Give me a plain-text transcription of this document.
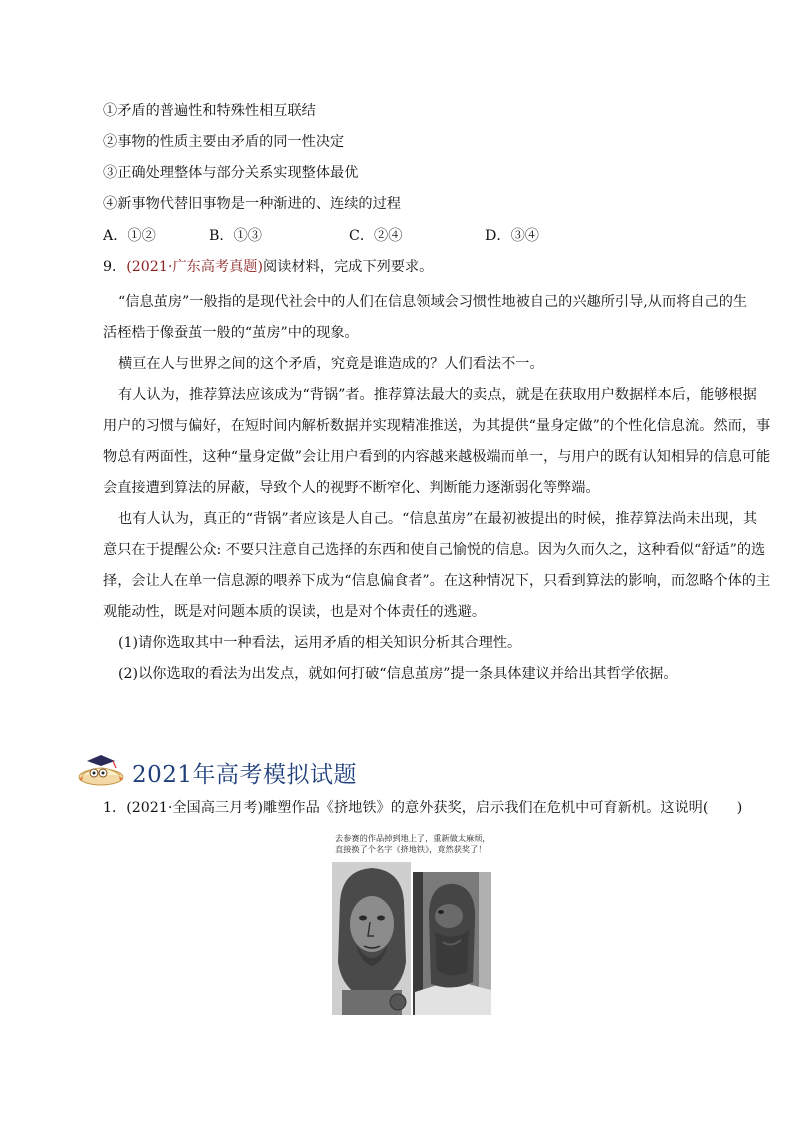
①矛盾的普遍性和特殊性相互联结
②事物的性质主要由矛盾的同一性决定
③正确处理整体与部分关系实现整体最优
④新事物代替旧事物是一种渐进的、连续的过程
A．①②	B．①③	C．②④	D．③④
9．(2021·广东高考真题)阅读材料，完成下列要求。
“信息茧房”一般指的是现代社会中的人们在信息领域会习惯性地被自己的兴趣所引导,从而将自己的生
活桎梏于像蚕茧一般的“茧房”中的现象。
横亘在人与世界之间的这个矛盾，究竟是谁造成的？人们看法不一。
有人认为，推荐算法应该成为“背锅”者。推荐算法最大的卖点，就是在获取用户数据样本后，能够根据
用户的习惯与偏好，在短时间内解析数据并实现精准推送，为其提供“量身定做”的个性化信息流。然而，事
物总有两面性，这种“量身定做”会让用户看到的内容越来越极端而单一，与用户的既有认知相异的信息可能
会直接遭到算法的屏蔽，导致个人的视野不断窄化、判断能力逐渐弱化等弊端。
也有人认为，真正的“背锅”者应该是人自己。“信息茧房”在最初被提出的时候，推荐算法尚未出现，其
意只在于提醒公众: 不要只注意自己选择的东西和使自己愉悦的信息。因为久而久之，这种看似“舒适”的选
择，会让人在单一信息源的喂养下成为“信息偏食者”。在这种情况下，只看到算法的影响，而忽略个体的主
观能动性，既是对问题本质的误读，也是对个体责任的逃避。
(1)请你选取其中一种看法，运用矛盾的相关知识分析其合理性。
(2)以你选取的看法为出发点，就如何打破“信息茧房”提一条具体建议并给出其哲学依据。
2021年高考模拟试题
1．(2021·全国高三月考)雕塑作品《挤地铁》的意外获奖，启示我们在危机中可育新机。这说明(　　)
去参赛的作品掉到地上了，重新做太麻烦，
直接换了个名字《挤地铁》，竟然获奖了！
